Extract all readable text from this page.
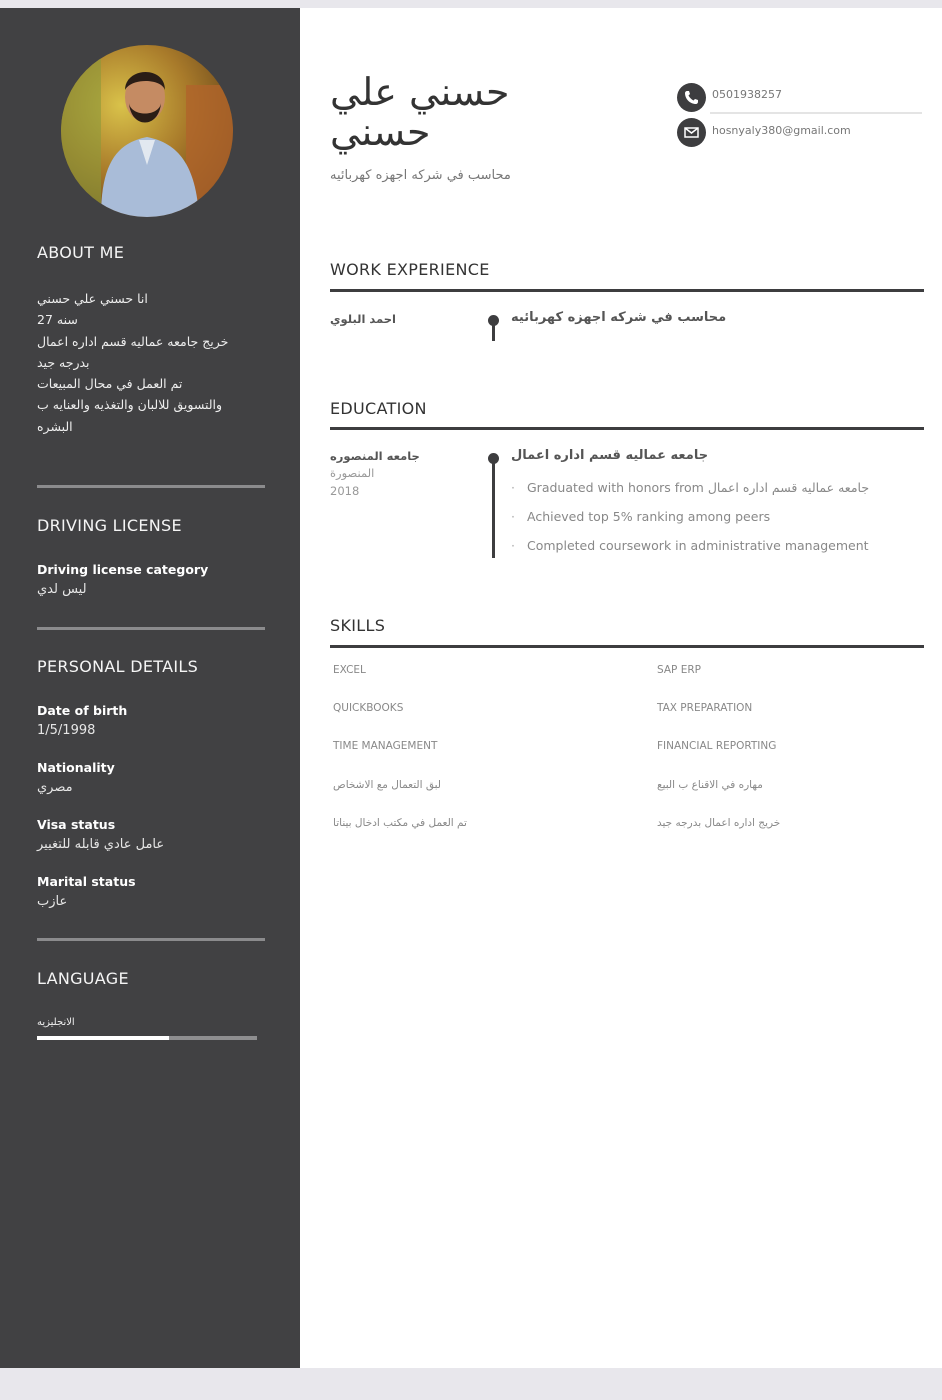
ABOUT ME
انا حسني علي حسني
سنه 27
خريج جامعه عماليه قسم اداره اعمال
بدرجه جيد
تم العمل في محال المبيعات
والتسويق للالبان والتغذيه والعنايه ب
البشره
DRIVING LICENSE
Driving license category
ليس لدي
PERSONAL DETAILS
Date of birth
1/5/1998
Nationality
مصري
Visa status
عامل عادي قابله للتغيير
Marital status
عازب
LANGUAGE
الانجليزيه
حسني علي حسني
محاسب في شركه اجهزه كهربائيه
0501938257
hosnyaly380@gmail.com
WORK EXPERIENCE
احمد البلوي	محاسب في شركه اجهزه كهربائيه
EDUCATION
جامعه المنصوره
المنصورة
2018
جامعه عماليه قسم اداره اعمال
· Graduated with honors from جامعه عماليه قسم اداره اعمال
· Achieved top 5% ranking among peers
· Completed coursework in administrative management
SKILLS
EXCEL
QUICKBOOKS
TIME MANAGEMENT
لبق التعمال مع الاشخاص
تم العمل في مكتب ادخال بيناتا
SAP ERP
TAX PREPARATION
FINANCIAL REPORTING
مهاره في الاقناع ب البيع
خريج اداره اعمال بدرجه جيد
